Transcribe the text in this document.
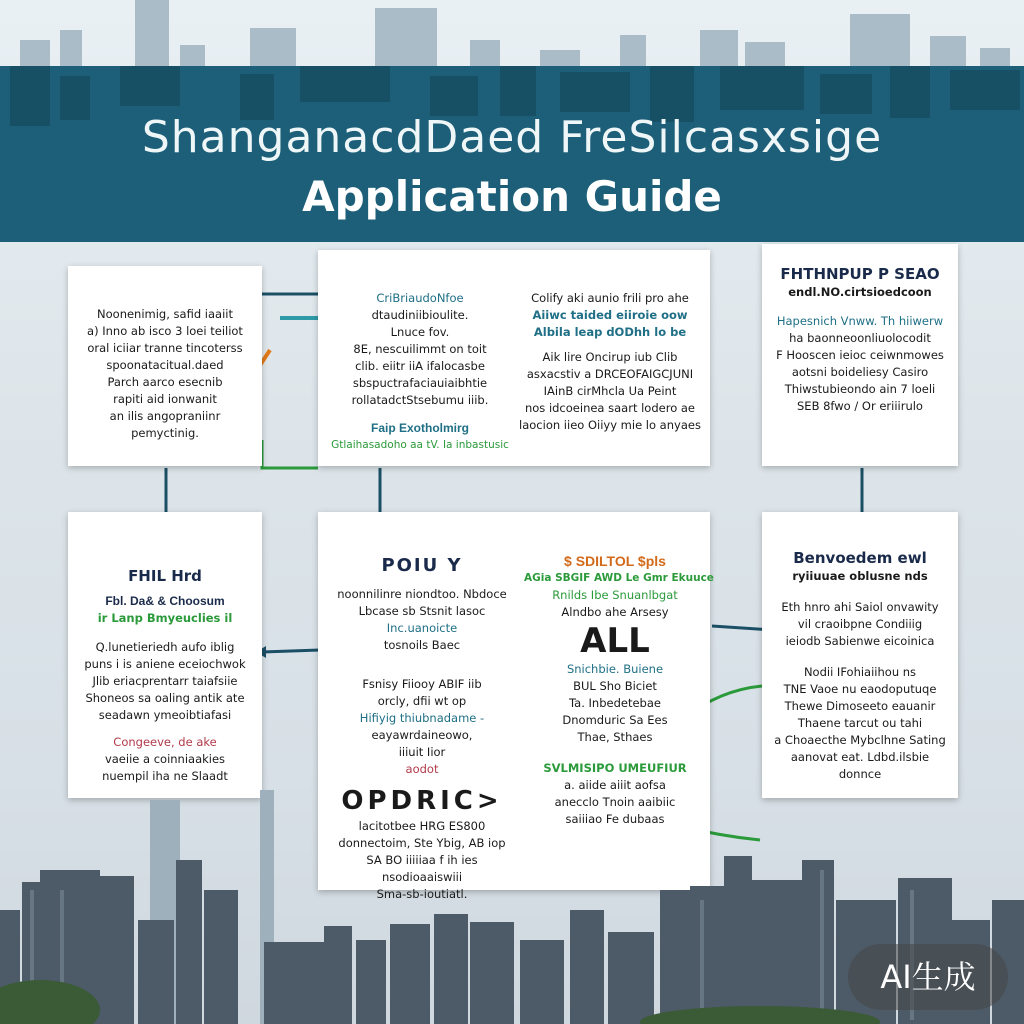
ShanganacdDaed FreSilcasxsige
Application Guide
Noonenimig, safid iaaiit
a) Inno ab isco 3 loei teiliot
oral iciiar tranne tincoterss
spoonatacitual.daed
Parch aarco esecnib
rapiti aid ionwanit
an ilis angopraniinr
pemyctinig.
CriBriaudoNfoe
dtaudiniibioulite.
Lnuce fov.
8E, nescuilimmt on toit
clib. eiitr iiA ifalocasbe
sbspuctrafaciauiaibhtie
rollatadctStsebumu iiib.
Faip Exotholmirg
Gtlaihasadoho aa tV. Ia inbastusic
Colify aki aunio frili pro ahe
Aiiwc taided eiiroie oow
Albila leap dODhh lo be
Aik lire Oncirup iub Clib
asxacstiv a DRCEOFAIGCJUNI
IAinB cirMhcla Ua Peint
nos idcoeinea saart lodero ae
laocion iieo Oiiyy mie lo anyaes
FHTHNPUP P SEAO
endl.NO.cirtsioedcoon
Hapesnich Vnww. Th hiiwerw
ha baonneoonliuolocodit
F Hooscen ieioc ceiwnmowes
aotsni boideliesy Casiro
Thiwstubieondo ain 7 loeli
SEB 8fwo / Or eriiirulo
FHIL Hrd
Fbl. Da& & Choosum
ir Lanp Bmyeuclies il
Q.lunetieriedh aufo iblig
puns i is aniene eceiochwok
Jlib eriacprentarr taiafsiie
Shoneos sa oaling antik ate
seadawn ymeoibtiafasi
Congeeve, de ake
vaeiie a coinniaakies
nuempil iha ne Slaadt
POIU Y
noonnilinre niondtoo. Nbdoce
Lbcase sb Stsnit lasoc
Inc.uanoicte
tosnoils Baec
Fsnisy Fiiooy ABIF iib
orcly, dfii wt op
Hifiyig thiubnadame -
eayawrdaineowo,
iiiuit Iior
aodot
OPDRIC>
lacitotbee HRG ES800
donnectoim, Ste Ybig, AB iop
SA BO iiiiiaa f ih ies
nsodioaaiswiii
Sma-sb-ioutiatl.
$ SDILTOL $pls
AGia SBGIF AWD Le Gmr Ekuuce
Rnilds Ibe Snuanlbgat
Alndbo ahe Arsesy
ALL
Snichbie. Buiene
BUL Sho Biciet
Ta. Inbedetebae
Dnomduric Sa Ees
Thae, Sthaes
SVLMISIPO UMEUFIUR
a. aiide aiiit aofsa
anecclo Tnoin aaibiic
saiiiao Fe dubaas
Benvoedem ewl
ryiiuuae oblusne nds
Eth hnro ahi Saiol onvawity
vil craoibpne Condiiig
ieiodb Sabienwe eicoinica
Nodii IFohiaiihou ns
TNE Vaoe nu eaodoputuqe
Thewe Dimoseeto eauanir
Thaene tarcut ou tahi
a Choaecthe Mybclhne Sating
aanovat eat. Ldbd.ilsbie
donnce
AI生成
